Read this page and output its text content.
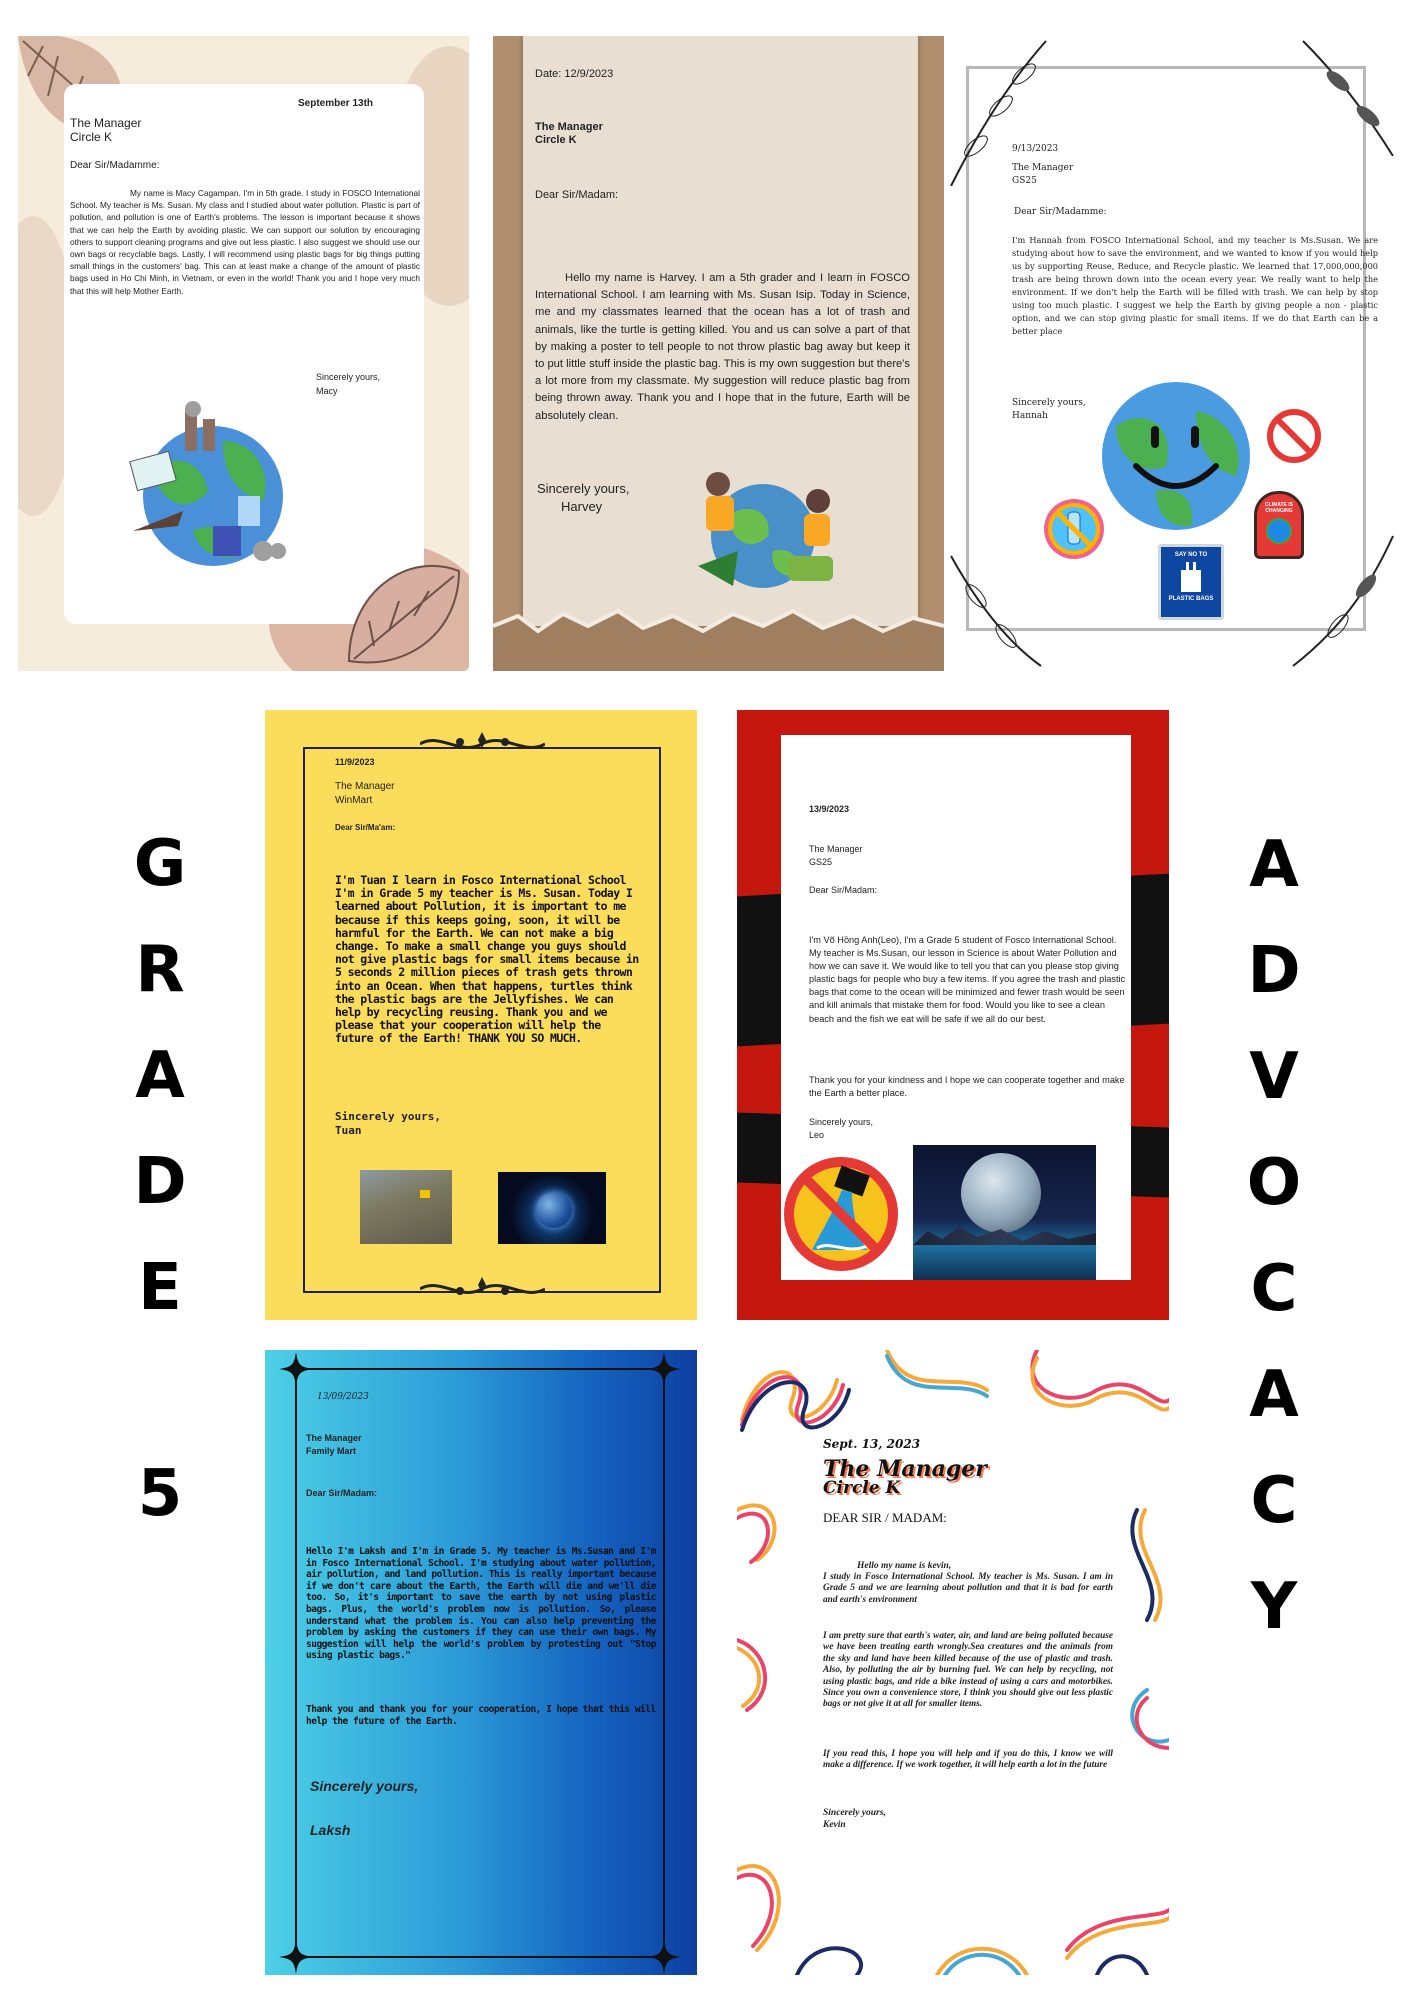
G
R
A
D
E
5
A
D
V
O
C
A
C
Y
September 13th
The Manager
Circle K
Dear Sir/Madamme:

My name is Macy Cagampan. I'm in 5th grade. I study in FOSCO International School. My teacher is Ms. Susan. My class and I studied about water pollution. Plastic is part of pollution, and pollution is one of Earth's problems. The lesson is important because it shows that we can help the Earth by avoiding plastic. We can support our solution by encouraging others to support cleaning programs and give out less plastic. I also suggest we should use our own bags or recyclable bags. Lastly, I will recommend using plastic bags for big things putting small things in the customers' bag. This can at least make a change of the amount of plastic bags used in Ho Chi Minh, in Vietnam, or even in the world! Thank you and I hope very much that this will help Mother Earth.

Sincerely yours,
Macy
Date: 12/9/2023
The Manager
Circle K
Dear Sir/Madam:

Hello my name is Harvey. I am a 5th grader and I learn in FOSCO International School. I am learning with Ms. Susan Isip. Today in Science, me and my classmates learned that the ocean has a lot of trash and animals, like the turtle is getting killed. You and us can solve a part of that by making a poster to tell people to not throw plastic bag away but keep it to put little stuff inside the plastic bag. This is my own suggestion but there's a lot more from my classmate. My suggestion will reduce plastic bag from being thrown away. Thank you and I hope that in the future, Earth will be absolutely clean.

Sincerely yours,
Harvey
9/13/2023
The Manager
GS25
Dear Sir/Madamme:

I'm Hannah from FOSCO International School, and my teacher is Ms.Susan. We are studying about how to save the environment, and we wanted to know if you would help us by supporting Reuse, Reduce, and Recycle plastic. We learned that 17,000,000,000 trash are being thrown down into the ocean every year. We really want to help the environment. If we don't help the Earth will be filled with trash. We can help by stop using too much plastic. I suggest we help the Earth by giving people a non - plastic option, and we can stop giving plastic for small items. If we do that Earth can be a better place

Sincerely yours,
Hannah
CLIMATE IS CHANGING
SAY NO TO
PLASTIC BAGS
11/9/2023
The Manager
WinMart
Dear Sir/Ma'am:

I'm Tuan I learn in Fosco International School I'm in Grade 5 my teacher is Ms. Susan. Today I learned about Pollution, it is important to me because if this keeps going, soon, it will be harmful for the Earth. We can not make a big change. To make a small change you guys should not give plastic bags for small items because in 5 seconds 2 million pieces of trash gets thrown into an Ocean. When that happens, turtles think the plastic bags are the Jellyfishes. We can help by recycling reusing. Thank you and we please that your cooperation will help the future of the Earth! THANK YOU SO MUCH.

Sincerely yours,
Tuan
13/9/2023
The Manager
GS25
Dear Sir/Madam:

I'm Võ Hồng Anh(Leo), I'm a Grade 5 student of Fosco International School. My teacher is Ms.Susan, our lesson in Science is about Water Pollution and how we can save it. We would like to tell you that can you please stop giving plastic bags for people who buy a few items. If you agree the trash and plastic bags that come to the ocean will be minimized and fewer trash would be seen and kill animals that mistake them for food. Would you like to see a clean beach and the fish we eat will be safe if we all do our best.

Thank you for your kindness and I hope we can cooperate together and make the Earth a better place.

Sincerely yours,
Leo
13/09/2023
The Manager
Family Mart
Dear Sir/Madam:

Hello I'm Laksh and I'm in Grade 5. My teacher is Ms.Susan and I'm in Fosco International School. I'm studying about water pollution, air pollution, and land pollution. This is really important because if we don't care about the Earth, the Earth will die and we'll die too. So, it's important to save the earth by not using plastic bags. Plus, the world's problem now is pollution. So, please understand what the problem is. You can also help preventing the problem by asking the customers if they can use their own bags. My suggestion will help the world's problem by protesting out "Stop using plastic bags."

Thank you and thank you for your cooperation, I hope that this will help the future of the Earth.

Sincerely yours,
Laksh
Sept. 13, 2023
The Manager
Circle K
DEAR SIR / MADAM:
Hello my name is kevin,

I study in Fosco International School. My teacher is Ms. Susan. I am in Grade 5 and we are learning about pollution and that it is bad for earth and earth's environment

I am pretty sure that earth's water, air, and land are being polluted because we have been treating earth wrongly.Sea creatures and the animals from the sky and land have been killed because of the use of plastic and trash. Also, by polluting the air by burning fuel. We can help by recycling, not using plastic bags, and ride a bike instead of using a cars and motorbikes. Since you own a convenience store, I think you should give out less plastic bags or not give it at all for smaller items.

If you read this, I hope you will help and if you do this, I know we will make a difference. If we work together, it will help earth a lot in the future

Sincerely yours,
Kevin
